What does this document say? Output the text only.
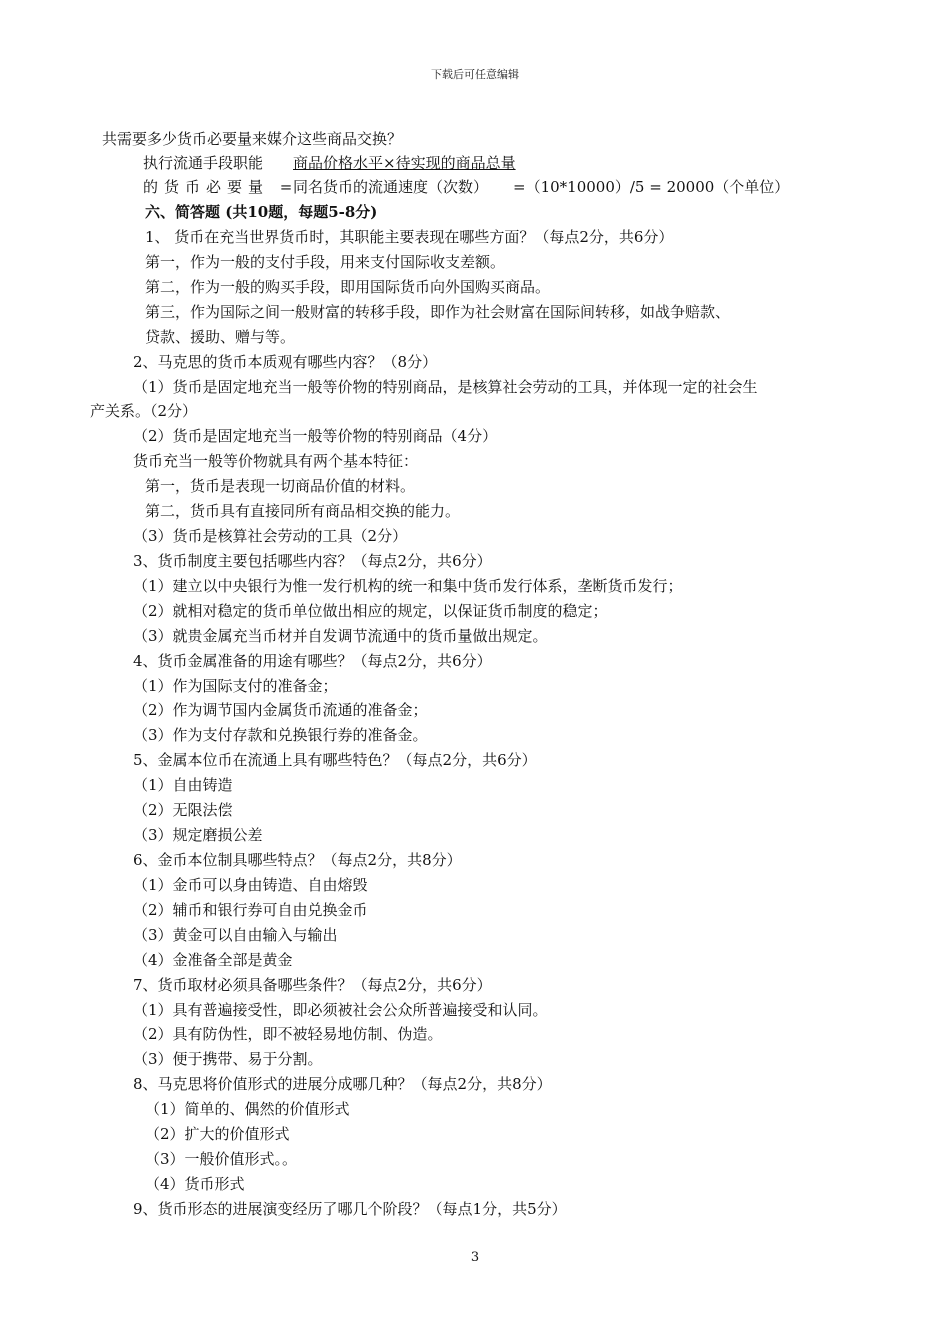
下载后可任意编辑
共需要多少货币必要量来媒介这些商品交换？
执行流通手段职能 商品价格水平×待实现的商品总量
的货币必要量 =
同名货币的流通速度（次数） =（10*10000）/5 = 20000（个单位）
六、简答题 (共10题，每题5-8分)
1、 货币在充当世界货币时，其职能主要表现在哪些方面？（每点2分，共6分）
第一，作为一般的支付手段，用来支付国际收支差额。
第二，作为一般的购买手段，即用国际货币向外国购买商品。
第三，作为国际之间一般财富的转移手段，即作为社会财富在国际间转移，如战争赔款、
贷款、援助、赠与等。
2、马克思的货币本质观有哪些内容？（8分）
（1）货币是固定地充当一般等价物的特别商品，是核算社会劳动的工具，并体现一定的社会生
产关系。（2分）
（2）货币是固定地充当一般等价物的特别商品（4分）
货币充当一般等价物就具有两个基本特征：
第一，货币是表现一切商品价值的材料。
第二，货币具有直接同所有商品相交换的能力。
（3）货币是核算社会劳动的工具（2分）
3、货币制度主要包括哪些内容？（每点2分，共6分）
（1）建立以中央银行为惟一发行机构的统一和集中货币发行体系，垄断货币发行；
（2）就相对稳定的货币单位做出相应的规定，以保证货币制度的稳定；
（3）就贵金属充当币材并自发调节流通中的货币量做出规定。
4、货币金属准备的用途有哪些？（每点2分，共6分）
（1）作为国际支付的准备金；
（2）作为调节国内金属货币流通的准备金；
（3）作为支付存款和兑换银行券的准备金。
5、金属本位币在流通上具有哪些特色？（每点2分，共6分）
（1）自由铸造
（2）无限法偿
（3）规定磨损公差
6、金币本位制具哪些特点？（每点2分，共8分）
（1）金币可以身由铸造、自由熔毁
（2）辅币和银行券可自由兑换金币
（3）黄金可以自由输入与输出
（4）金准备全部是黄金
7、货币取材必须具备哪些条件？（每点2分，共6分）
（1）具有普遍接受性，即必须被社会公众所普遍接受和认同。
（2）具有防伪性，即不被轻易地仿制、伪造。
（3）便于携带、易于分割。
8、马克思将价值形式的进展分成哪几种？（每点2分，共8分）
（1）简单的、偶然的价值形式
（2）扩大的价值形式
（3）一般价值形式。。
（4）货币形式
9、货币形态的进展演变经历了哪几个阶段？（每点1分，共5分）
3
